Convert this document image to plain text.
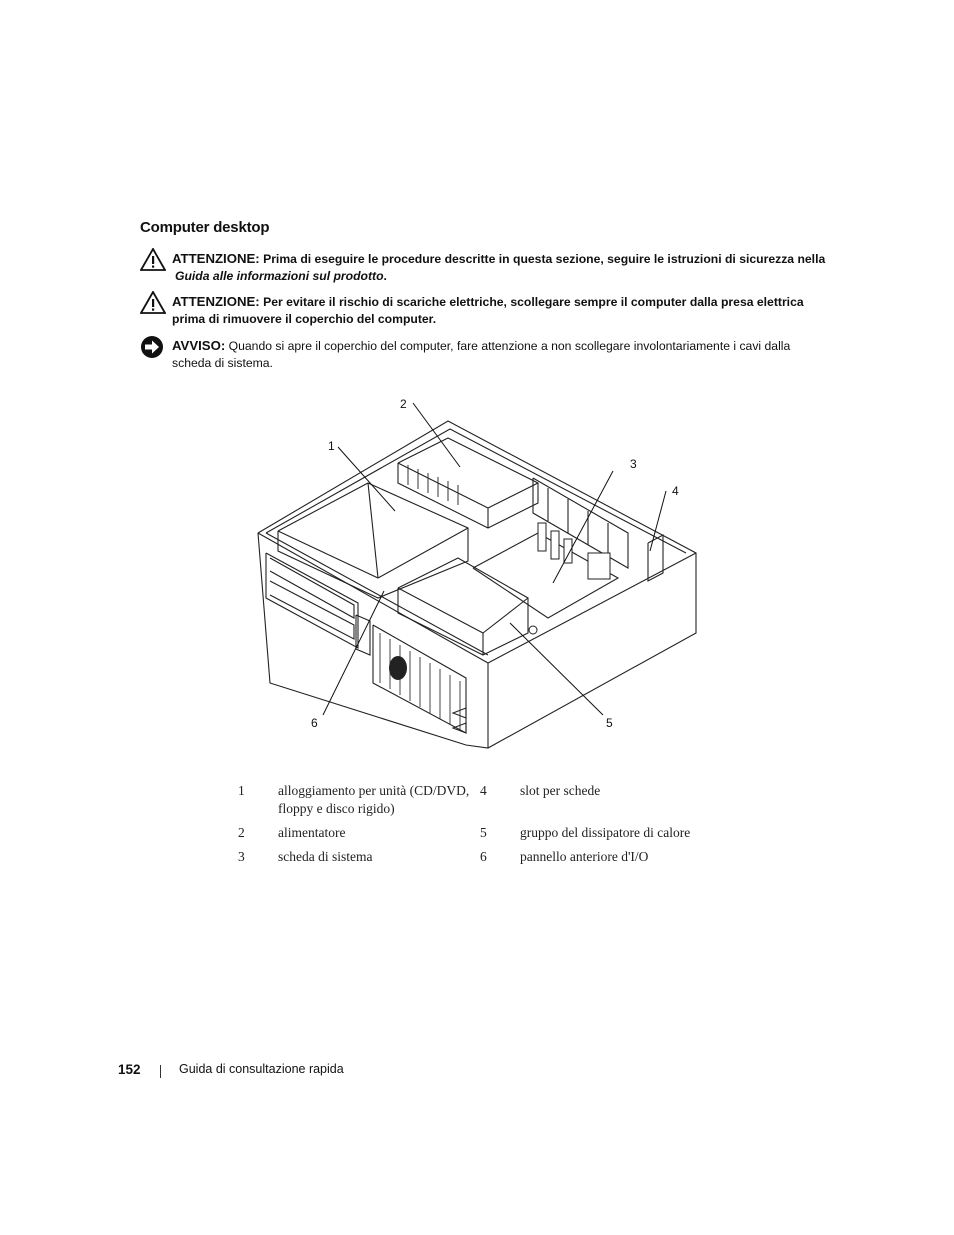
Computer desktop
ATTENZIONE: Prima di eseguire le procedure descritte in questa sezione, seguire le istruzioni di sicurezza nella
Guida alle informazioni sul prodotto.
ATTENZIONE: Per evitare il rischio di scariche elettriche, scollegare sempre il computer dalla presa elettrica prima di rimuovere il coperchio del computer.
AVVISO: Quando si apre il coperchio del computer, fare attenzione a non scollegare involontariamente i cavi dalla scheda di sistema.
1
2
3
4
5
6
1	alloggiamento per unità (CD/DVD, floppy e disco rigido)	4	slot per schede
2	alimentatore	5	gruppo del dissipatore di calore
3	scheda di sistema	6	pannello anteriore d'I/O
152	Guida di consultazione rapida
